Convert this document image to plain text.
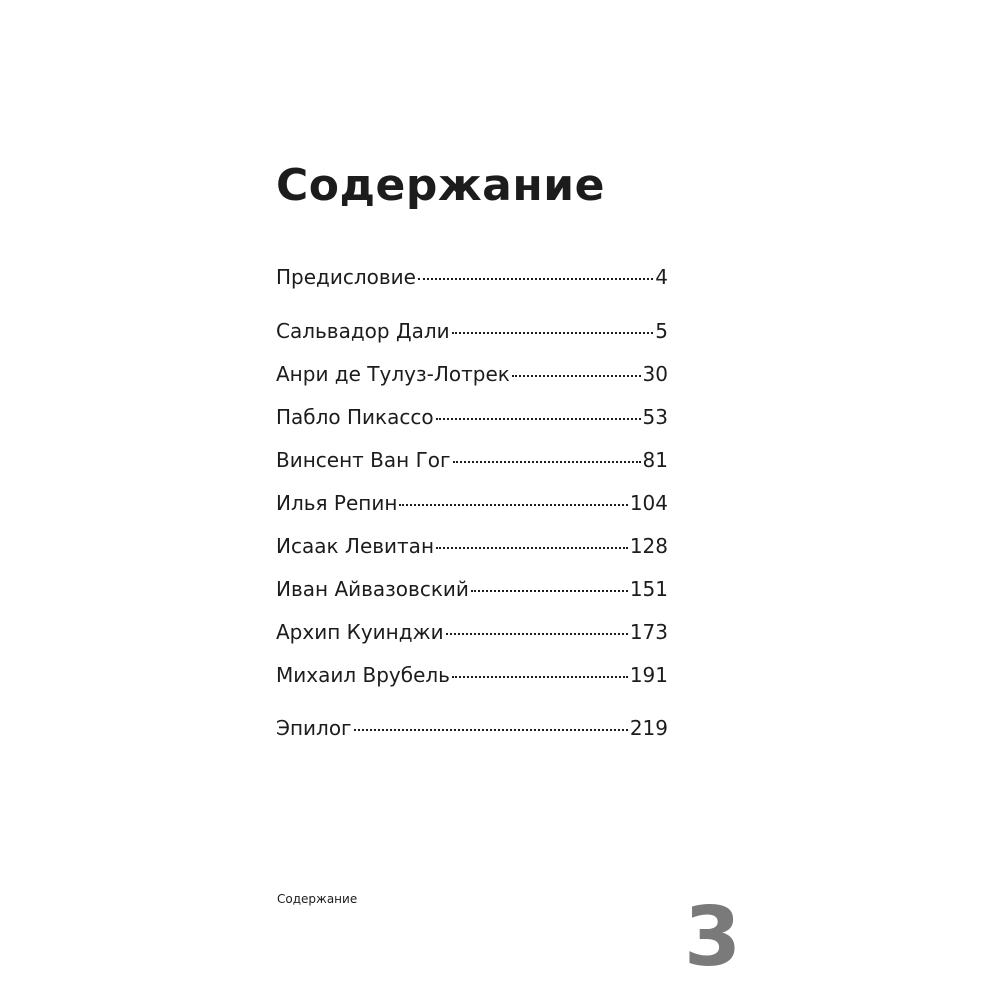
Содержание
Предисловие	4
Сальвадор Дали	5
Анри де Тулуз-Лотрек	30
Пабло Пикассо	53
Винсент Ван Гог	81
Илья Репин	104
Исаак Левитан	128
Иван Айвазовский	151
Архип Куинджи	173
Михаил Врубель	191
Эпилог	219
Содержание	3
